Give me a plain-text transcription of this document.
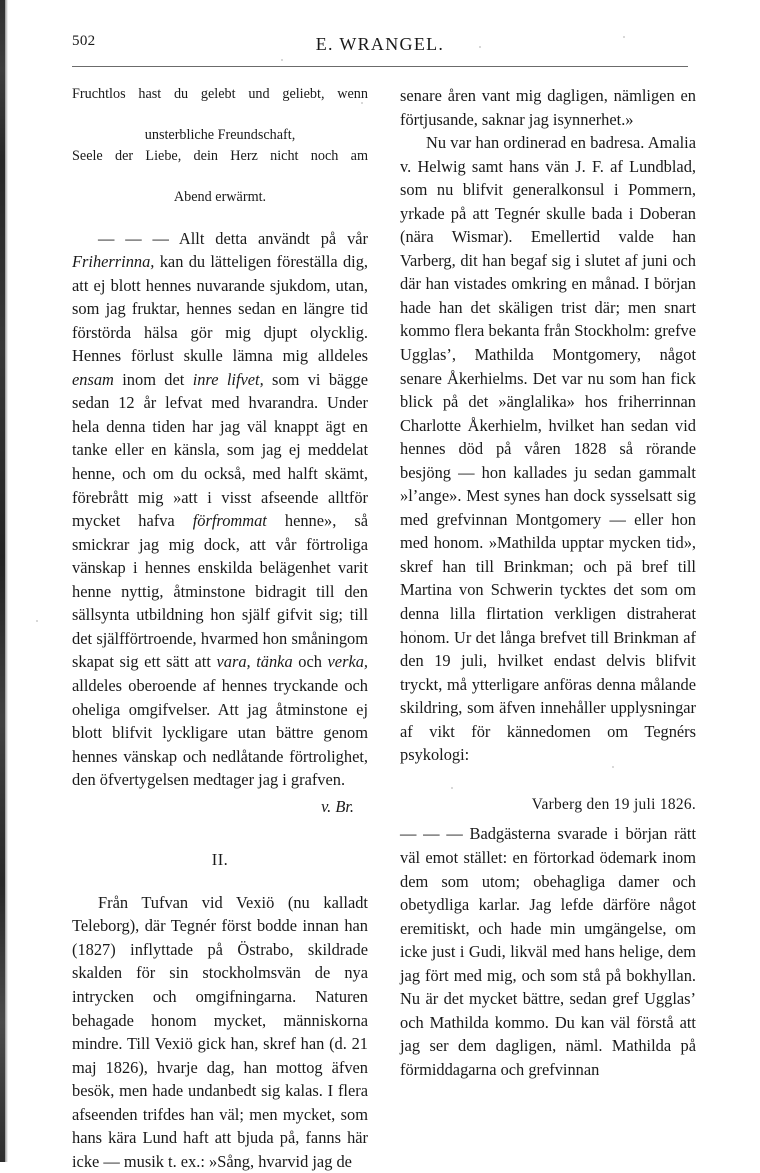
502	E. WRANGEL.
Fruchtlos hast du gelebt und geliebt, wenn
unsterbliche Freundschaft,
Seele der Liebe, dein Herz nicht noch am
Abend erwärmt.

— — — Allt detta användt på vår Friherrinna, kan du lätteligen föreställa dig, att ej blott hennes nuvarande sjukdom, utan, som jag fruktar, hennes sedan en längre tid förstörda hälsa gör mig djupt olycklig. Hennes förlust skulle lämna mig alldeles ensam inom det inre lifvet, som vi bägge sedan 12 år lefvat med hvarandra. Under hela denna tiden har jag väl knappt ägt en tanke eller en känsla, som jag ej meddelat henne, och om du också, med halft skämt, förebrått mig »att i visst afseende alltför mycket hafva förfrommat henne», så smickrar jag mig dock, att vår förtroliga vänskap i hennes enskilda belägenhet varit henne nyttig, åtminstone bidragit till den sällsynta utbildning hon själf gifvit sig; till det själfförtroende, hvarmed hon småningom skapat sig ett sätt att vara, tänka och verka, alldeles oberoende af hennes tryckande och oheliga omgifvelser. Att jag åtminstone ej blott blifvit lyckligare utan bättre genom hennes vänskap och nedlåtande förtrolighet, den öfvertygelsen medtager jag i grafven.

v. Br.
II.

Från Tufvan vid Vexiö (nu kalladt Teleborg), där Tegnér först bodde innan han (1827) inflyttade på Östrabo, skildrade skalden för sin stockholmsvän de nya intrycken och omgifningarna. Naturen behagade honom mycket, människorna mindre. Till Vexiö gick han, skref han (d. 21 maj 1826), hvarje dag, han mottog äfven besök, men hade undanbedt sig kalas. I flera afseenden trifdes han väl; men mycket, som hans kära Lund haft att bjuda på, fanns här icke — musik t. ex.: »Sång, hvarvid jag de

senare åren vant mig dagligen, nämligen en förtjusande, saknar jag isynnerhet.»

Nu var han ordinerad en badresa. Amalia v. Helwig samt hans vän J. F. af Lundblad, som nu blifvit generalkonsul i Pommern, yrkade på att Tegnér skulle bada i Doberan (nära Wismar). Emellertid valde han Varberg, dit han begaf sig i slutet af juni och där han vistades omkring en månad. I början hade han det skäligen trist där; men snart kommo flera bekanta från Stockholm: grefve Ugglas’, Mathilda Montgomery, något senare Åkerhielms. Det var nu som han fick blick på det »änglalika» hos friherrinnan Charlotte Åkerhielm, hvilket han sedan vid hennes död på våren 1828 så rörande besjöng — hon kallades ju sedan gammalt »l’ange». Mest synes han dock sysselsatt sig med grefvinnan Montgomery — eller hon med honom. »Mathilda upptar mycken tid», skref han till Brinkman; och pä bref till Martina von Schwerin tycktes det som om denna lilla flirtation verkligen distraherat honom. Ur det långa brefvet till Brinkman af den 19 juli, hvilket endast delvis blifvit tryckt, må ytterligare anföras denna målande skildring, som äfven innehåller upplysningar af vikt för kännedomen om Tegnérs psykologi:

Varberg den 19 juli 1826.

— — — Badgästerna svarade i början rätt väl emot stället: en förtorkad ödemark inom dem som utom; obehagliga damer och obetydliga karlar. Jag lefde därföre något eremitiskt, och hade min umgängelse, om icke just i Gudi, likväl med hans helige, dem jag fört med mig, och som stå på bokhyllan. Nu är det mycket bättre, sedan gref Ugglas’ och Mathilda kommo. Du kan väl förstå att jag ser dem dagligen, näml. Mathilda på förmiddagarna och grefvinnan
